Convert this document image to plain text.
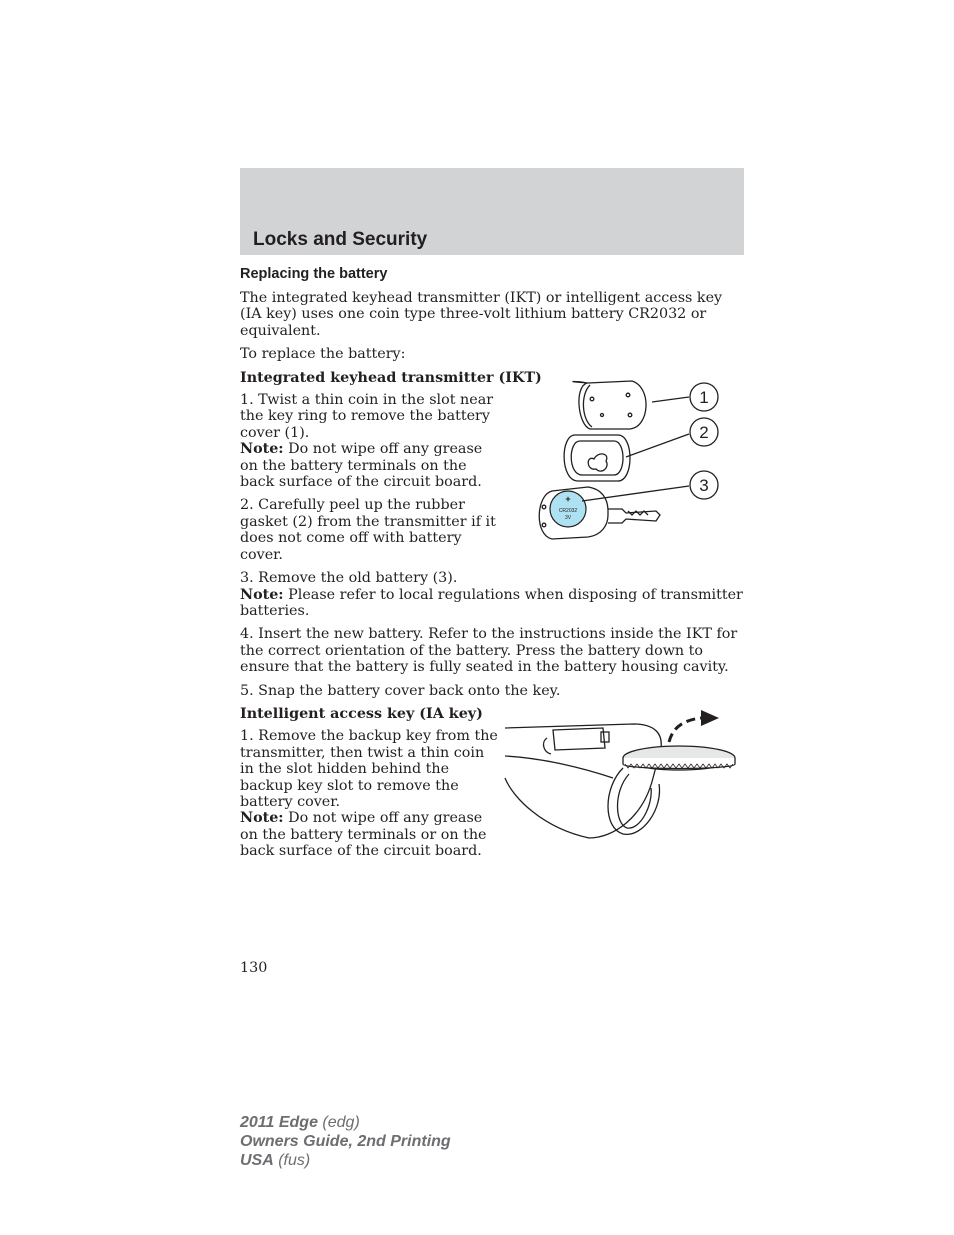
Locks and Security
Replacing the battery

The integrated keyhead transmitter (IKT) or intelligent access key (IA key) uses one coin type three-volt lithium battery CR2032 or equivalent.

To replace the battery:

Integrated keyhead transmitter (IKT)

1. Twist a thin coin in the slot near the key ring to remove the battery cover (1).

Note: Do not wipe off any grease on the battery terminals on the back surface of the circuit board.

2. Carefully peel up the rubber gasket (2) from the transmitter if it does not come off with battery cover.

3. Remove the old battery (3).

Note: Please refer to local regulations when disposing of transmitter batteries.

4. Insert the new battery. Refer to the instructions inside the IKT for the correct orientation of the battery. Press the battery down to ensure that the battery is fully seated in the battery housing cavity.

5. Snap the battery cover back onto the key.

Intelligent access key (IA key)

1. Remove the backup key from the transmitter, then twist a thin coin in the slot hidden behind the backup key slot to remove the battery cover.

Note: Do not wipe off any grease on the battery terminals or on the back surface of the circuit board.

+
CR2032
3V
1
2
3
130
2011 Edge (edg)
Owners Guide, 2nd Printing
USA (fus)
